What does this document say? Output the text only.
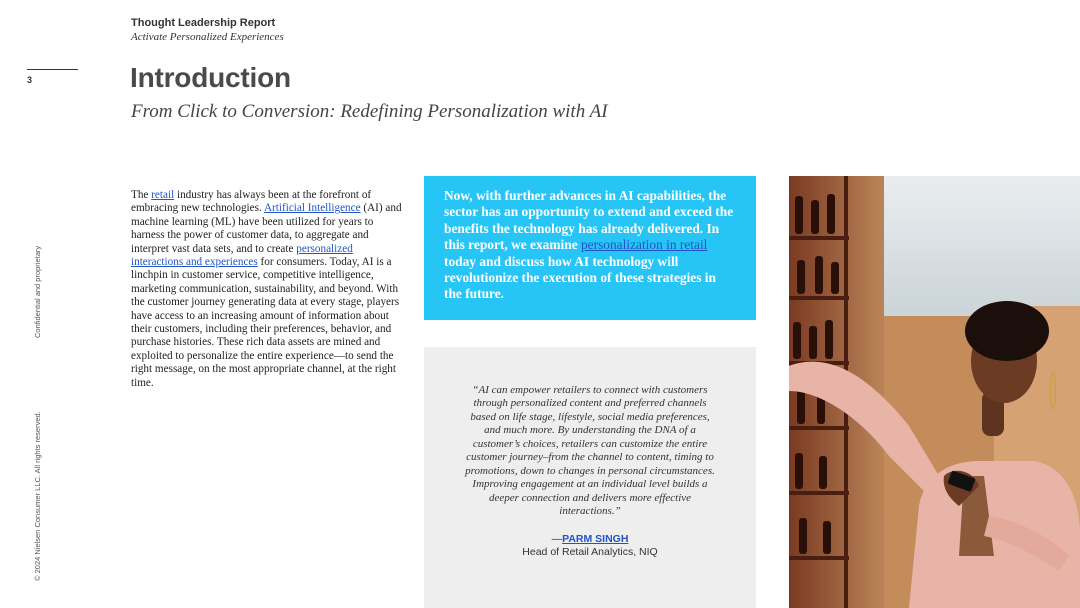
Thought Leadership Report
Activate Personalized Experiences
3
Confidential and proprietary
© 2024 Nielsen Consumer LLC. All rights reserved.
Introduction
From Click to Conversion: Redefining Personalization with AI

The retail industry has always been at the forefront of embracing new technologies. Artificial Intelligence (AI) and machine learning (ML) have been utilized for years to harness the power of customer data, to aggregate and interpret vast data sets, and to create personalized interactions and experiences for consumers. Today, AI is a linchpin in customer service, competitive intelligence, marketing communication, sustainability, and beyond. With the customer journey generating data at every stage, players have access to an increasing amount of information about their customers, including their preferences, behavior, and purchase histories. These rich data assets are mined and exploited to personalize the entire experience—to send the right message, on the most appropriate channel, at the right time.

Now, with further advances in AI capabilities, the sector has an opportunity to extend and exceed the benefits the technology has already delivered. In this report, we examine personalization in retail today and discuss how AI technology will revolutionize the execution of these strategies in the future.

“AI can empower retailers to connect with customers through personalized content and preferred channels based on life stage, lifestyle, social media preferences, and much more. By understanding the DNA of a customer’s choices, retailers can customize the entire customer journey–from the channel to content, timing to promotions, down to changes in personal circumstances. Improving engagement at an individual level builds a deeper connection and delivers more effective interactions.”

—PARM SINGH
Head of Retail Analytics, NIQ
